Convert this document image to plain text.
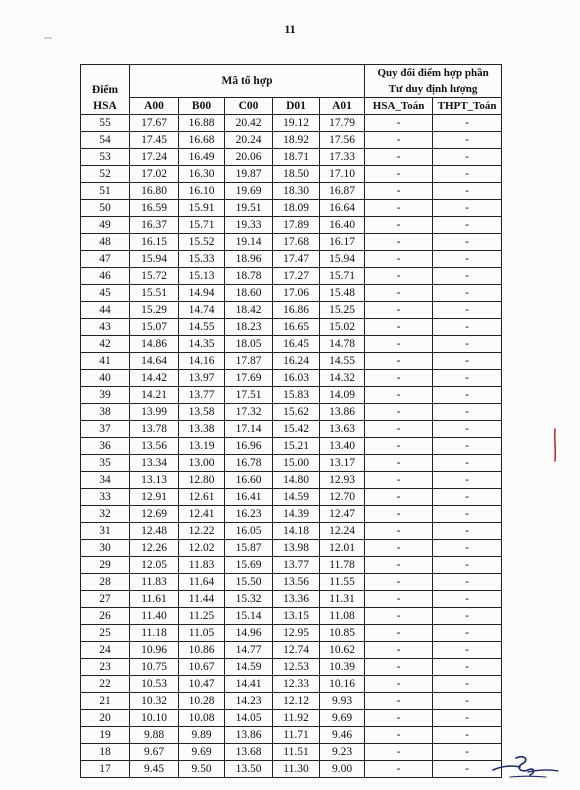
11
Điểm
HSA	Mã tổ hợp					Quy đổi điểm hợp phần
Tư duy định lượng	
	A00	B00	C00	D01	A01	HSA_Toán	THPT_Toán
55	17.67	16.88	20.42	19.12	17.79	-	-
54	17.45	16.68	20.24	18.92	17.56	-	-
53	17.24	16.49	20.06	18.71	17.33	-	-
52	17.02	16.30	19.87	18.50	17.10	-	-
51	16.80	16.10	19.69	18.30	16.87	-	-
50	16.59	15.91	19.51	18.09	16.64	-	-
49	16.37	15.71	19.33	17.89	16.40	-	-
48	16.15	15.52	19.14	17.68	16.17	-	-
47	15.94	15.33	18.96	17.47	15.94	-	-
46	15.72	15.13	18.78	17.27	15.71	-	-
45	15.51	14.94	18.60	17.06	15.48	-	-
44	15.29	14.74	18.42	16.86	15.25	-	-
43	15.07	14.55	18.23	16.65	15.02	-	-
42	14.86	14.35	18.05	16.45	14.78	-	-
41	14.64	14.16	17.87	16.24	14.55	-	-
40	14.42	13.97	17.69	16.03	14.32	-	-
39	14.21	13.77	17.51	15.83	14.09	-	-
38	13.99	13.58	17.32	15.62	13.86	-	-
37	13.78	13.38	17.14	15.42	13.63	-	-
36	13.56	13.19	16.96	15.21	13.40	-	-
35	13.34	13.00	16.78	15.00	13.17	-	-
34	13.13	12.80	16.60	14.80	12.93	-	-
33	12.91	12.61	16.41	14.59	12.70	-	-
32	12.69	12.41	16.23	14.39	12.47	-	-
31	12.48	12.22	16.05	14.18	12.24	-	-
30	12.26	12.02	15.87	13.98	12.01	-	-
29	12.05	11.83	15.69	13.77	11.78	-	-
28	11.83	11.64	15.50	13.56	11.55	-	-
27	11.61	11.44	15.32	13.36	11.31	-	-
26	11.40	11.25	15.14	13.15	11.08	-	-
25	11.18	11.05	14.96	12.95	10.85	-	-
24	10.96	10.86	14.77	12.74	10.62	-	-
23	10.75	10.67	14.59	12.53	10.39	-	-
22	10.53	10.47	14.41	12.33	10.16	-	-
21	10.32	10.28	14.23	12.12	9.93	-	-
20	10.10	10.08	14.05	11.92	9.69	-	-
19	9.88	9.89	13.86	11.71	9.46	-	-
18	9.67	9.69	13.68	11.51	9.23	-	-
17	9.45	9.50	13.50	11.30	9.00	-	-
